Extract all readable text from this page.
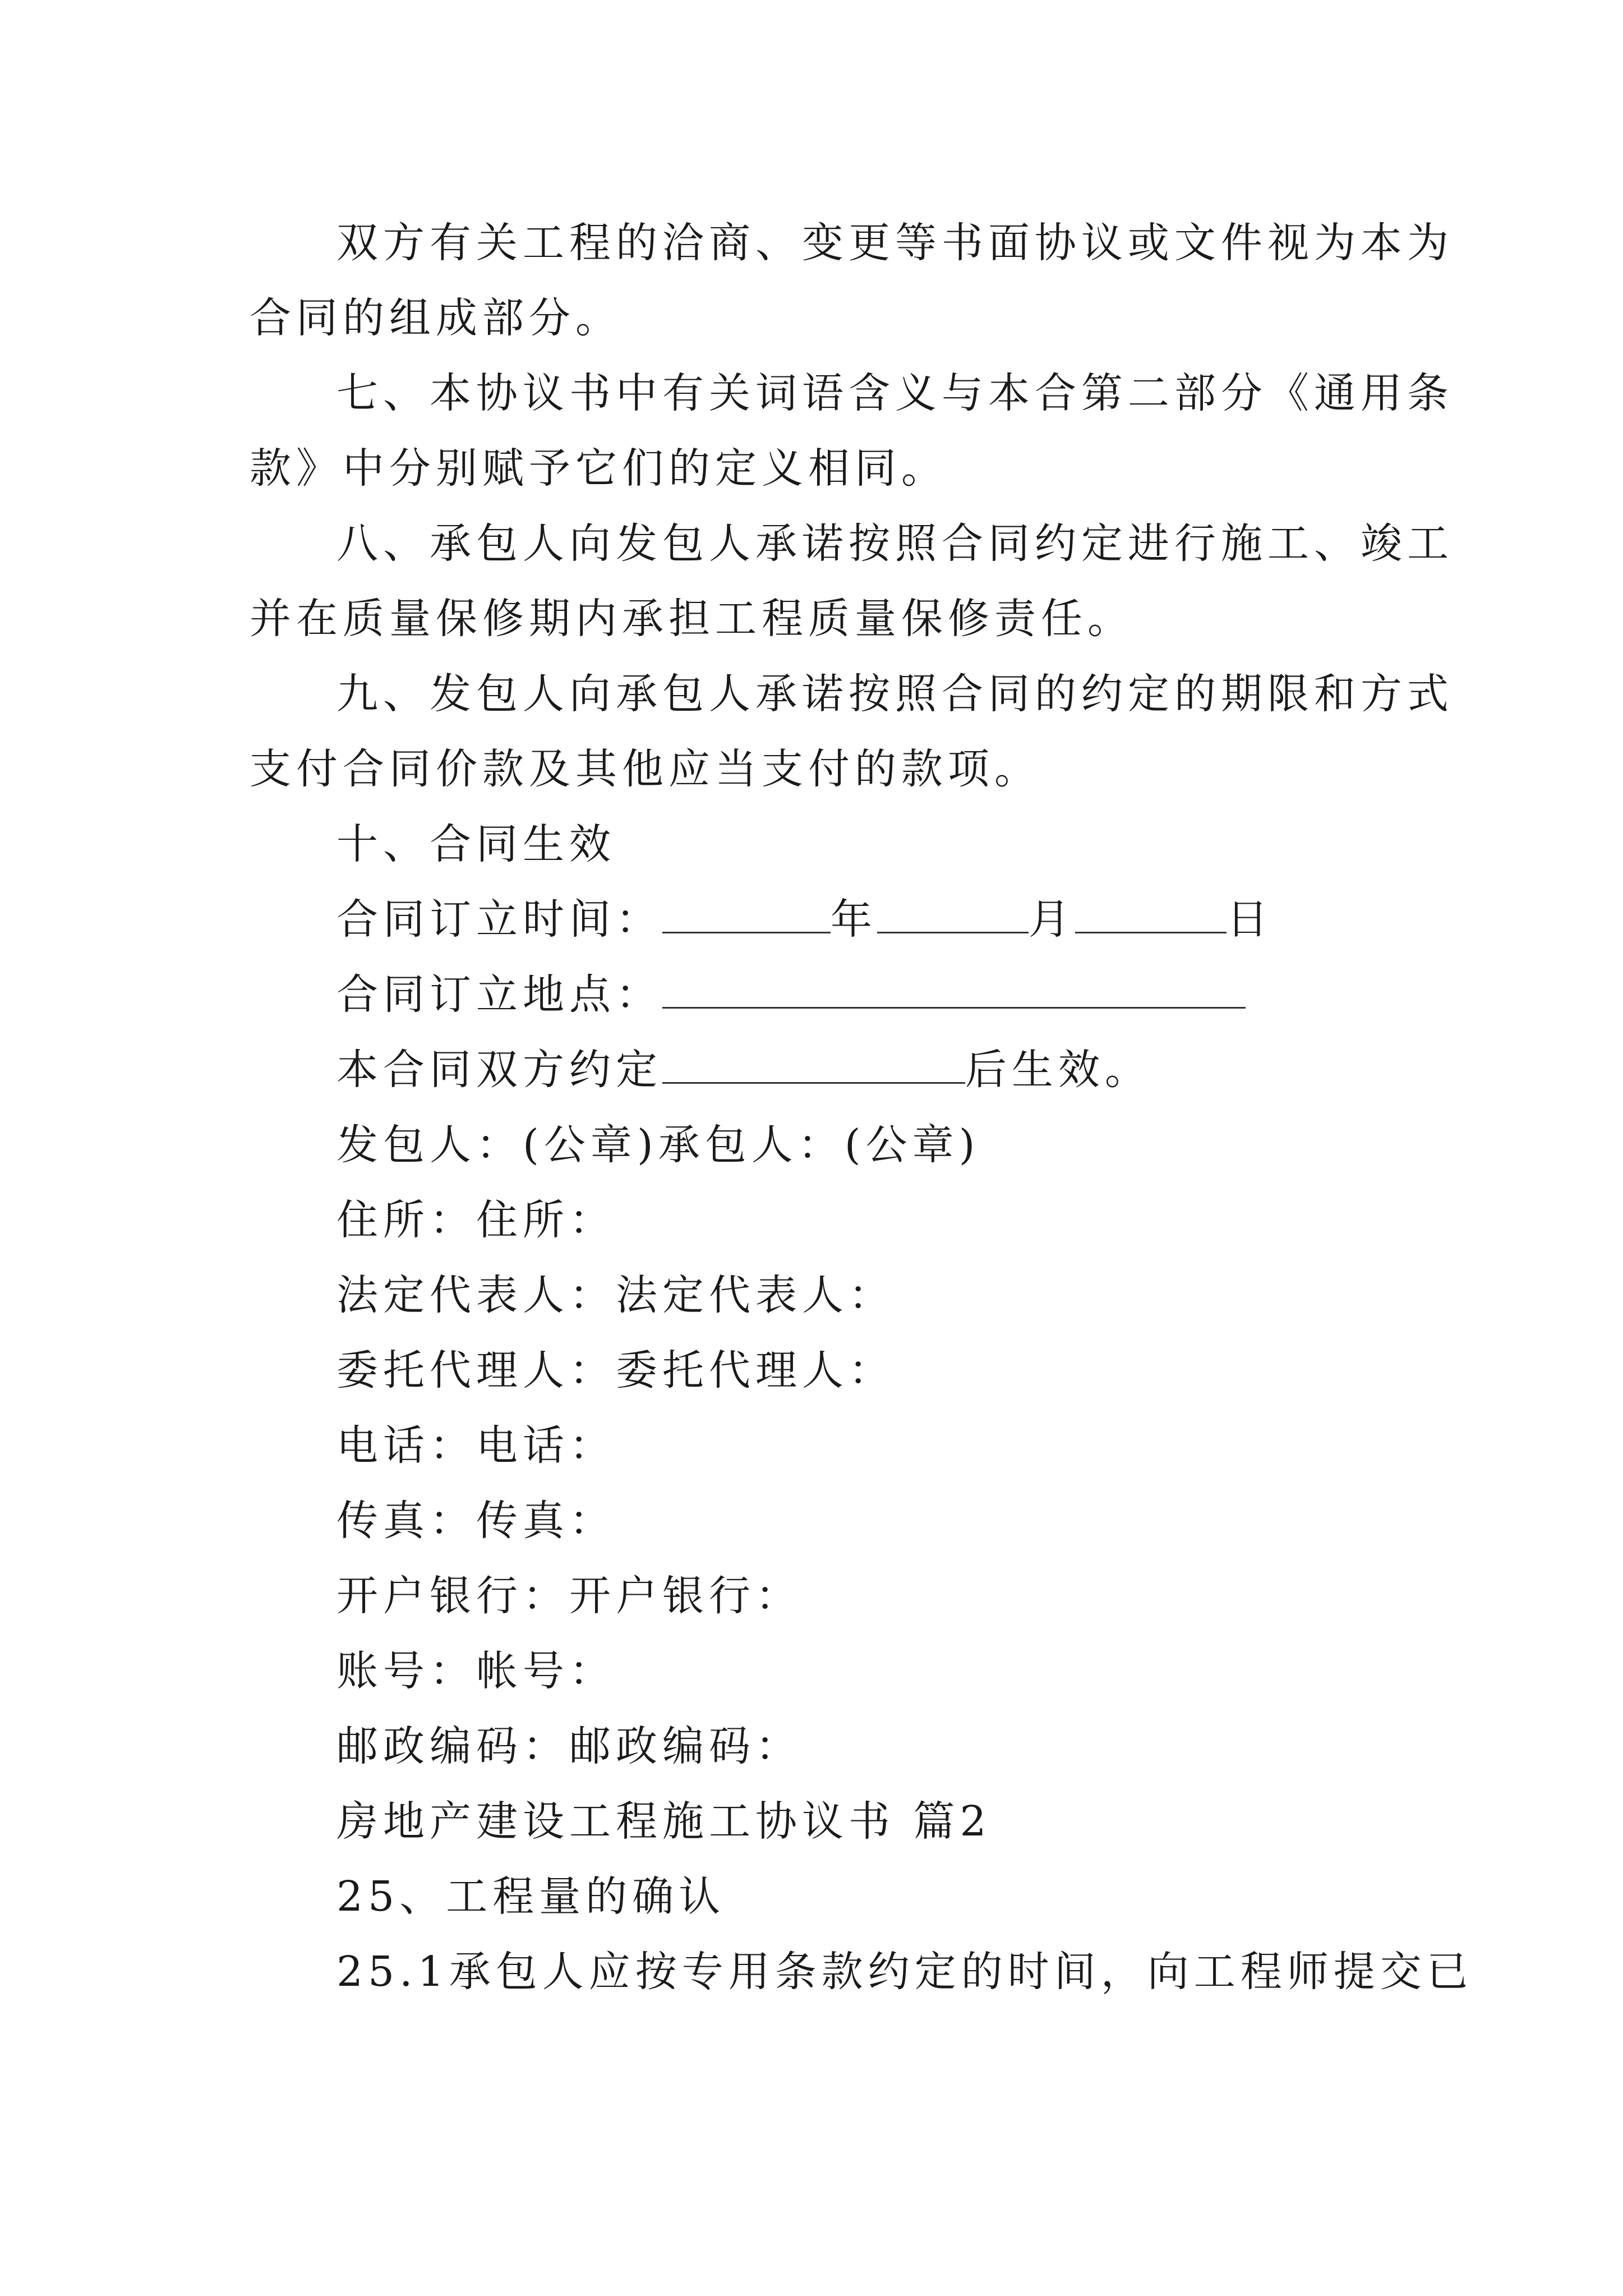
双方有关工程的洽商、变更等书面协议或文件视为本为
合同的组成部分。
七、本协议书中有关词语含义与本合第二部分《通用条
款》中分别赋予它们的定义相同。
八、承包人向发包人承诺按照合同约定进行施工、竣工
并在质量保修期内承担工程质量保修责任。
九、发包人向承包人承诺按照合同的约定的期限和方式
支付合同价款及其他应当支付的款项。
十、合同生效
合同订立时间：	年	月	日
合同订立地点：
本合同双方约定	后生效。
发包人：(公章)承包人：(公章)
住所：住所：
法定代表人：法定代表人：
委托代理人：委托代理人：
电话：电话：
传真：传真：
开户银行：开户银行：
账号：帐号：
邮政编码：邮政编码：
房地产建设工程施工协议书 篇2
25、工程量的确认
25.1承包人应按专用条款约定的时间，向工程师提交已
